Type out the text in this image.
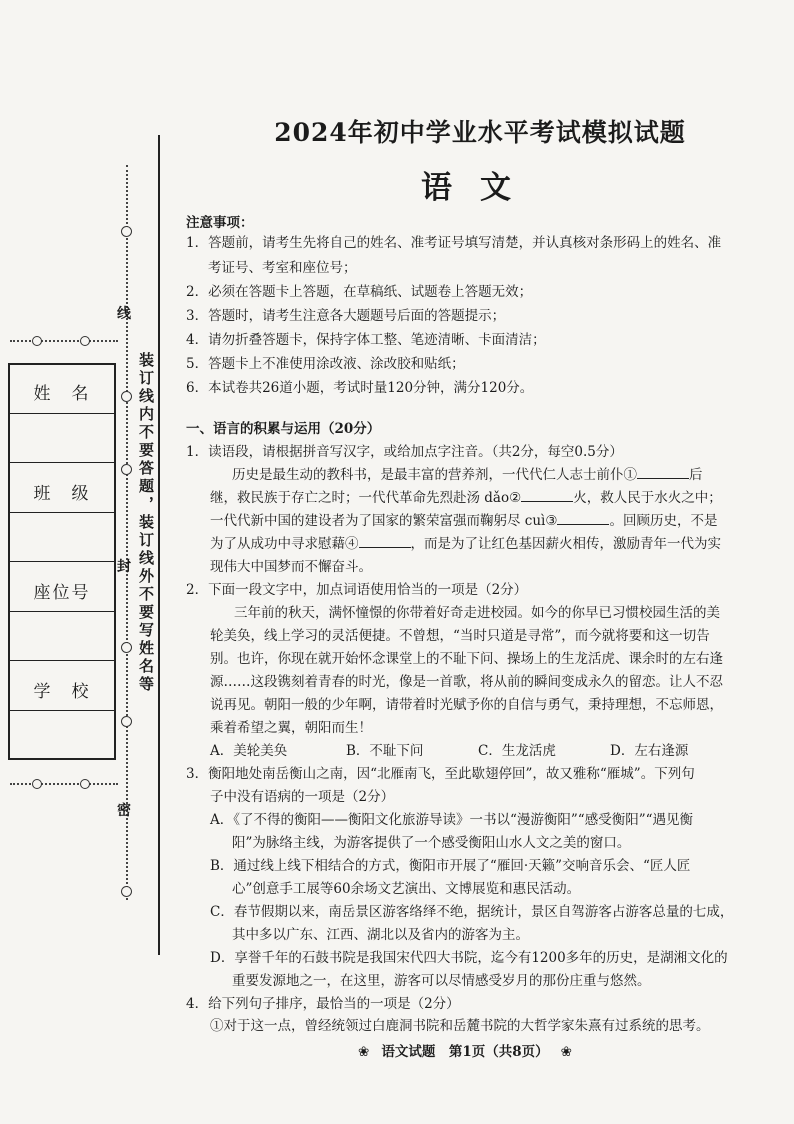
线
封
密
装订线内不要答题，装订线外不要写姓名等
姓　名
班　级
座位号
学　校
2024年初中学业水平考试模拟试题
语文
注意事项：
1．答题前，请考生先将自己的姓名、准考证号填写清楚，并认真核对条形码上的姓名、准
考证号、考室和座位号；
2．必须在答题卡上答题，在草稿纸、试题卷上答题无效；
3．答题时，请考生注意各大题题号后面的答题提示；
4．请勿折叠答题卡，保持字体工整、笔迹清晰、卡面清洁；
5．答题卡上不准使用涂改液、涂改胶和贴纸；
6．本试卷共26道小题，考试时量120分钟，满分120分。
一、语言的积累与运用（20分）
1．读语段，请根据拼音写汉字，或给加点字注音。（共2分，每空0.5分）
历史是最生动的教科书，是最丰富的营养剂，一代代仁人志士前仆①	后
继，救民族于存亡之时；一代代革命先烈赴汤 dǎo②	火，救人民于水火之中；
一代代新中国的建设者为了国家的繁荣富强而鞠躬尽 cuì③	。回顾历史，不是
为了从成功中寻求慰藉④	，而是为了让红色基因薪火相传，激励青年一代为实
现伟大中国梦而不懈奋斗。
2．下面一段文字中，加点词语使用恰当的一项是（2分）
三年前的秋天，满怀憧憬的你带着好奇走进校园。如今的你早已习惯校园生活的美
轮美奂，线上学习的灵活便捷。不曾想，“当时只道是寻常”，而今就将要和这一切告
别。也许，你现在就开始怀念课堂上的不耻下问、操场上的生龙活虎、课余时的左右逢
源……这段镌刻着青春的时光，像是一首歌，将从前的瞬间变成永久的留恋。让人不忍
说再见。朝阳一般的少年啊，请带着时光赋予你的自信与勇气，秉持理想，不忘师恩，
乘着希望之翼，朝阳而生！
A．美轮美奂	B．不耻下问	C．生龙活虎	D．左右逢源
3．衡阳地处南岳衡山之南，因“北雁南飞，至此歇翅停回”，故又雅称“雁城”。下列句
子中没有语病的一项是（2分）
A．《了不得的衡阳——衡阳文化旅游导读》一书以“漫游衡阳”“感受衡阳”“遇见衡
阳”为脉络主线，为游客提供了一个感受衡阳山水人文之美的窗口。
B．通过线上线下相结合的方式，衡阳市开展了“雁回·天籁”交响音乐会、“匠人匠
心”创意手工展等60余场文艺演出、文博展览和惠民活动。
C．春节假期以来，南岳景区游客络绎不绝，据统计，景区自驾游客占游客总量的七成，
其中多以广东、江西、湖北以及省内的游客为主。
D．享誉千年的石鼓书院是我国宋代四大书院，迄今有1200多年的历史，是湖湘文化的
重要发源地之一，在这里，游客可以尽情感受岁月的那份庄重与悠然。
4．给下列句子排序，最恰当的一项是（2分）
①对于这一点，曾经统领过白鹿洞书院和岳麓书院的大哲学家朱熹有过系统的思考。
❀ 语文试题　第1页（共8页） ❀
